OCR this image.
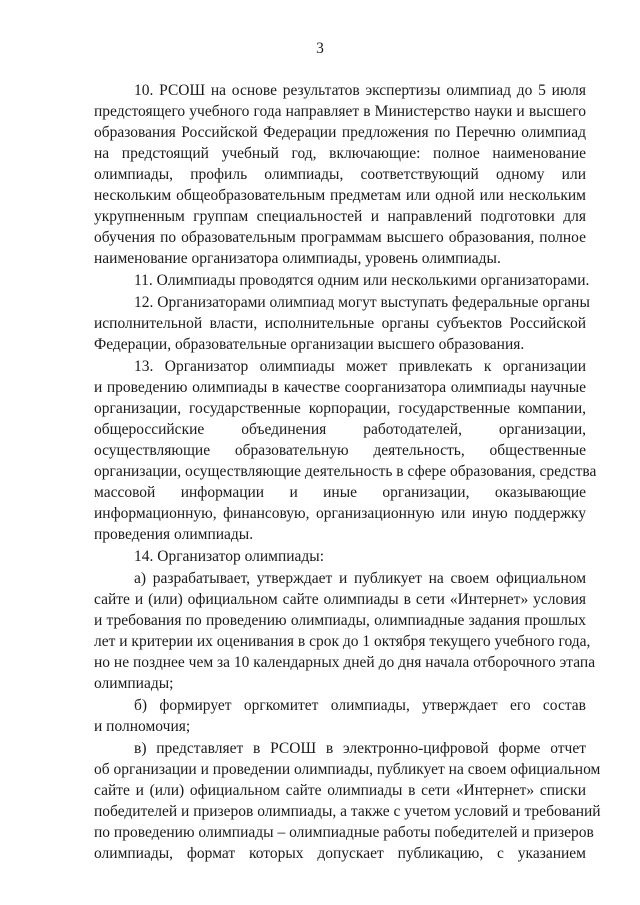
3
10. РСОШ на основе результатов экспертизы олимпиад до 5 июля
предстоящего учебного года направляет в Министерство науки и высшего
образования Российской Федерации предложения по Перечню олимпиад
на предстоящий учебный год, включающие: полное наименование
олимпиады, профиль олимпиады, соответствующий одному или
нескольким общеобразовательным предметам или одной или нескольким
укрупненным группам специальностей и направлений подготовки для
обучения по образовательным программам высшего образования, полное
наименование организатора олимпиады, уровень олимпиады.
11. Олимпиады проводятся одним или несколькими организаторами.
12. Организаторами олимпиад могут выступать федеральные органы
исполнительной власти, исполнительные органы субъектов Российской
Федерации, образовательные организации высшего образования.
13. Организатор олимпиады может привлекать к организации
и проведению олимпиады в качестве соорганизатора олимпиады научные
организации, государственные корпорации, государственные компании,
общероссийские объединения работодателей, организации,
осуществляющие образовательную деятельность, общественные
организации, осуществляющие деятельность в сфере образования, средства
массовой информации и иные организации, оказывающие
информационную, финансовую, организационную или иную поддержку
проведения олимпиады.
14. Организатор олимпиады:
а) разрабатывает, утверждает и публикует на своем официальном
сайте и (или) официальном сайте олимпиады в сети «Интернет» условия
и требования по проведению олимпиады, олимпиадные задания прошлых
лет и критерии их оценивания в срок до 1 октября текущего учебного года,
но не позднее чем за 10 календарных дней до дня начала отборочного этапа
олимпиады;
б) формирует оргкомитет олимпиады, утверждает его состав
и полномочия;
в) представляет в РСОШ в электронно-цифровой форме отчет
об организации и проведении олимпиады, публикует на своем официальном
сайте и (или) официальном сайте олимпиады в сети «Интернет» списки
победителей и призеров олимпиады, а также с учетом условий и требований
по проведению олимпиады – олимпиадные работы победителей и призеров
олимпиады, формат которых допускает публикацию, с указанием
